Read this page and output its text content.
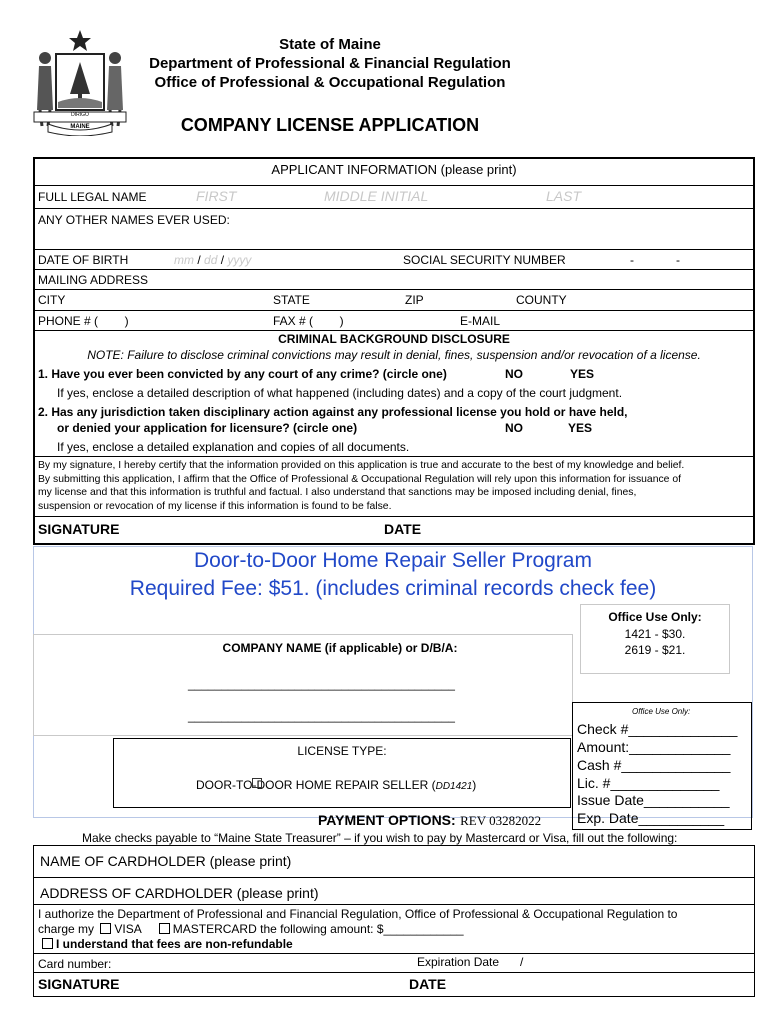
DIRIGO
MAINE
State of Maine
Department of Professional & Financial Regulation
Office of Professional & Occupational Regulation
COMPANY LICENSE APPLICATION
APPLICANT INFORMATION (please print)
FULL LEGAL NAME	FIRST	MIDDLE INITIAL	LAST
ANY OTHER NAMES EVER USED:
DATE OF BIRTH	mm / dd / yyyy	SOCIAL SECURITY NUMBER	-	-
MAILING ADDRESS
CITY	STATE	ZIP	COUNTY
PHONE # (        )	FAX # (        )	E-MAIL
CRIMINAL BACKGROUND DISCLOSURE
NOTE: Failure to disclose criminal convictions may result in denial, fines, suspension and/or revocation of a license.
1. Have you ever been convicted by any court of any crime? (circle one)	NO	YES
If yes, enclose a detailed description of what happened (including dates) and a copy of the court judgment.
2. Has any jurisdiction taken disciplinary action against any professional license you hold or have held,
or denied your application for licensure? (circle one)	NO	YES
If yes, enclose a detailed explanation and copies of all documents.
By my signature, I hereby certify that the information provided on this application is true and accurate to the best of my knowledge and belief.
By submitting this application, I affirm that the Office of Professional & Occupational Regulation will rely upon this information for issuance of
my license and that this information is truthful and factual. I also understand that sanctions may be imposed including denial, fines,
suspension or revocation of my license if this information is found to be false.
SIGNATURE	DATE
Door-to-Door Home Repair Seller Program
Required Fee: $51. (includes criminal records check fee)
COMPANY NAME (if applicable) or D/B/A:
________________________________________
________________________________________
LICENSE TYPE:
DOOR-TO-DOOR HOME REPAIR SELLER (DD1421)
Office Use Only:
1421 - $30.
2619 - $21.
Office Use Only:
Check #______________
Amount:_____________
Cash #______________
Lic. #______________
Issue Date___________
Exp. Date___________
PAYMENT OPTIONS: REV 03282022
Make checks payable to “Maine State Treasurer” – if you wish to pay by Mastercard or Visa, fill out the following:
NAME OF CARDHOLDER (please print)
ADDRESS OF CARDHOLDER (please print)
I authorize the Department of Professional and Financial Regulation, Office of Professional & Occupational Regulation to
charge my VISA	MASTERCARD the following amount: $____________
I understand that fees are non-refundable
Card number:	Expiration Date /
SIGNATURE	DATE
